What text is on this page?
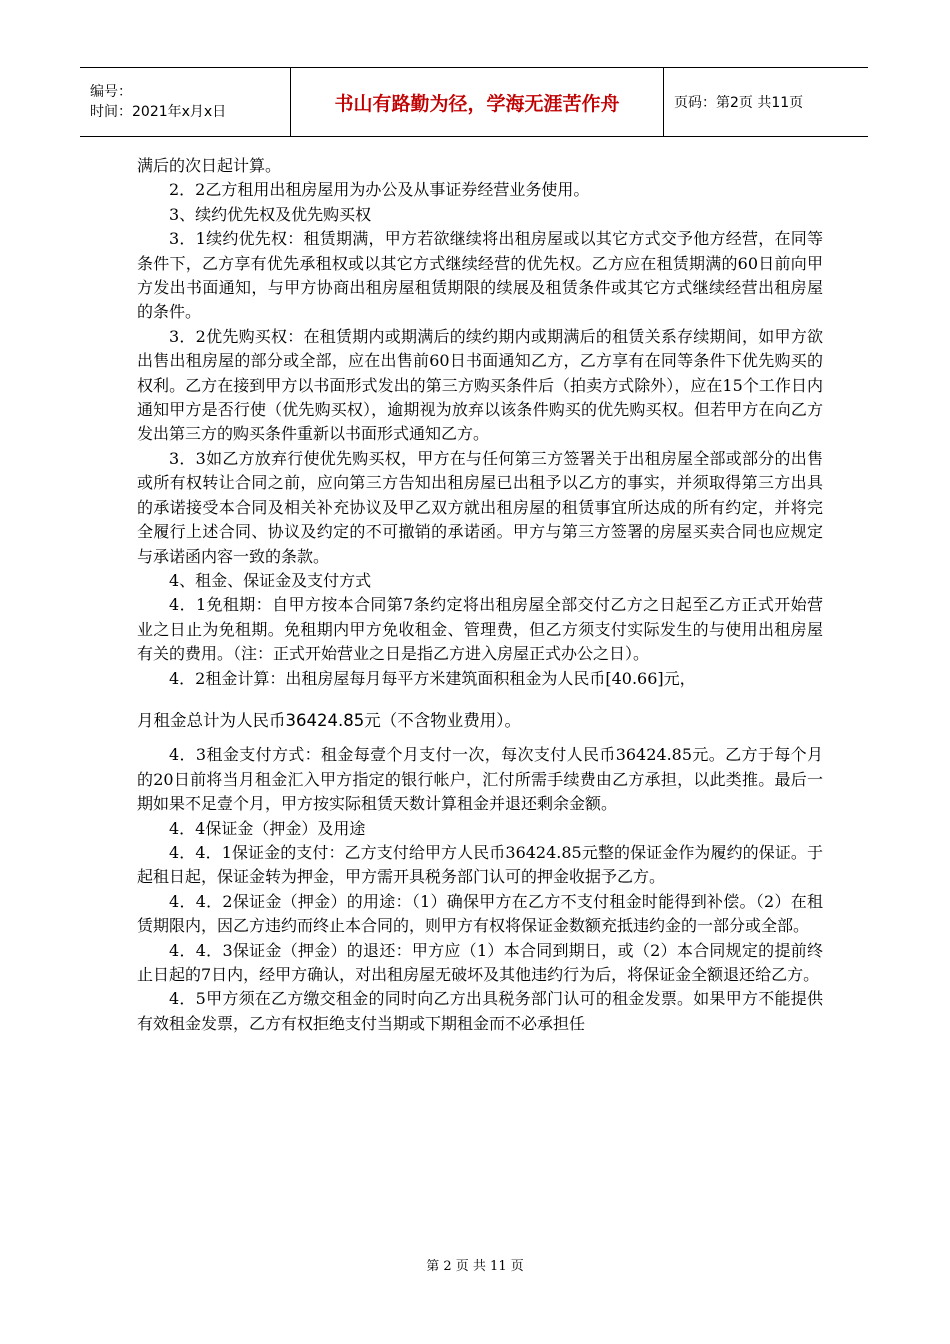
编号：
时间：2021年x月x日	书山有路勤为径，学海无涯苦作舟	页码：第2页 共11页

满后的次日起计算。

2．2乙方租用出租房屋用为办公及从事证券经营业务使用。

3、续约优先权及优先购买权

3．1续约优先权：租赁期满，甲方若欲继续将出租房屋或以其它方式交予他方经营，在同等条件下，乙方享有优先承租权或以其它方式继续经营的优先权。乙方应在租赁期满的60日前向甲方发出书面通知，与甲方协商出租房屋租赁期限的续展及租赁条件或其它方式继续经营出租房屋的条件。

3．2优先购买权：在租赁期内或期满后的续约期内或期满后的租赁关系存续期间，如甲方欲出售出租房屋的部分或全部，应在出售前60日书面通知乙方，乙方享有在同等条件下优先购买的权利。乙方在接到甲方以书面形式发出的第三方购买条件后（拍卖方式除外），应在15个工作日内通知甲方是否行使（优先购买权），逾期视为放弃以该条件购买的优先购买权。但若甲方在向乙方发出第三方的购买条件重新以书面形式通知乙方。

3．3如乙方放弃行使优先购买权，甲方在与任何第三方签署关于出租房屋全部或部分的出售或所有权转让合同之前，应向第三方告知出租房屋已出租予以乙方的事实，并须取得第三方出具的承诺接受本合同及相关补充协议及甲乙双方就出租房屋的租赁事宜所达成的所有约定，并将完全履行上述合同、协议及约定的不可撤销的承诺函。甲方与第三方签署的房屋买卖合同也应规定与承诺函内容一致的条款。

4、租金、保证金及支付方式

4．1免租期：自甲方按本合同第7条约定将出租房屋全部交付乙方之日起至乙方正式开始营业之日止为免租期。免租期内甲方免收租金、管理费，但乙方须支付实际发生的与使用出租房屋有关的费用。（注：正式开始营业之日是指乙方进入房屋正式办公之日）。

4．2租金计算：出租房屋每月每平方米建筑面积租金为人民币[40.66]元，

月租金总计为人民币36424.85元（不含物业费用）。

4．3租金支付方式：租金每壹个月支付一次，每次支付人民币36424.85元。乙方于每个月的20日前将当月租金汇入甲方指定的银行帐户，汇付所需手续费由乙方承担，以此类推。最后一期如果不足壹个月，甲方按实际租赁天数计算租金并退还剩余金额。

4．4保证金（押金）及用途

4．4．1保证金的支付：乙方支付给甲方人民币36424.85元整的保证金作为履约的保证。于起租日起，保证金转为押金，甲方需开具税务部门认可的押金收据予乙方。

4．4．2保证金（押金）的用途：（1）确保甲方在乙方不支付租金时能得到补偿。（2）在租赁期限内，因乙方违约而终止本合同的，则甲方有权将保证金数额充抵违约金的一部分或全部。

4．4．3保证金（押金）的退还：甲方应（1）本合同到期日，或（2）本合同规定的提前终止日起的7日内，经甲方确认，对出租房屋无破坏及其他违约行为后，将保证金全额退还给乙方。

4．5甲方须在乙方缴交租金的同时向乙方出具税务部门认可的租金发票。如果甲方不能提供有效租金发票，乙方有权拒绝支付当期或下期租金而不必承担任

第 2 页 共 11 页
